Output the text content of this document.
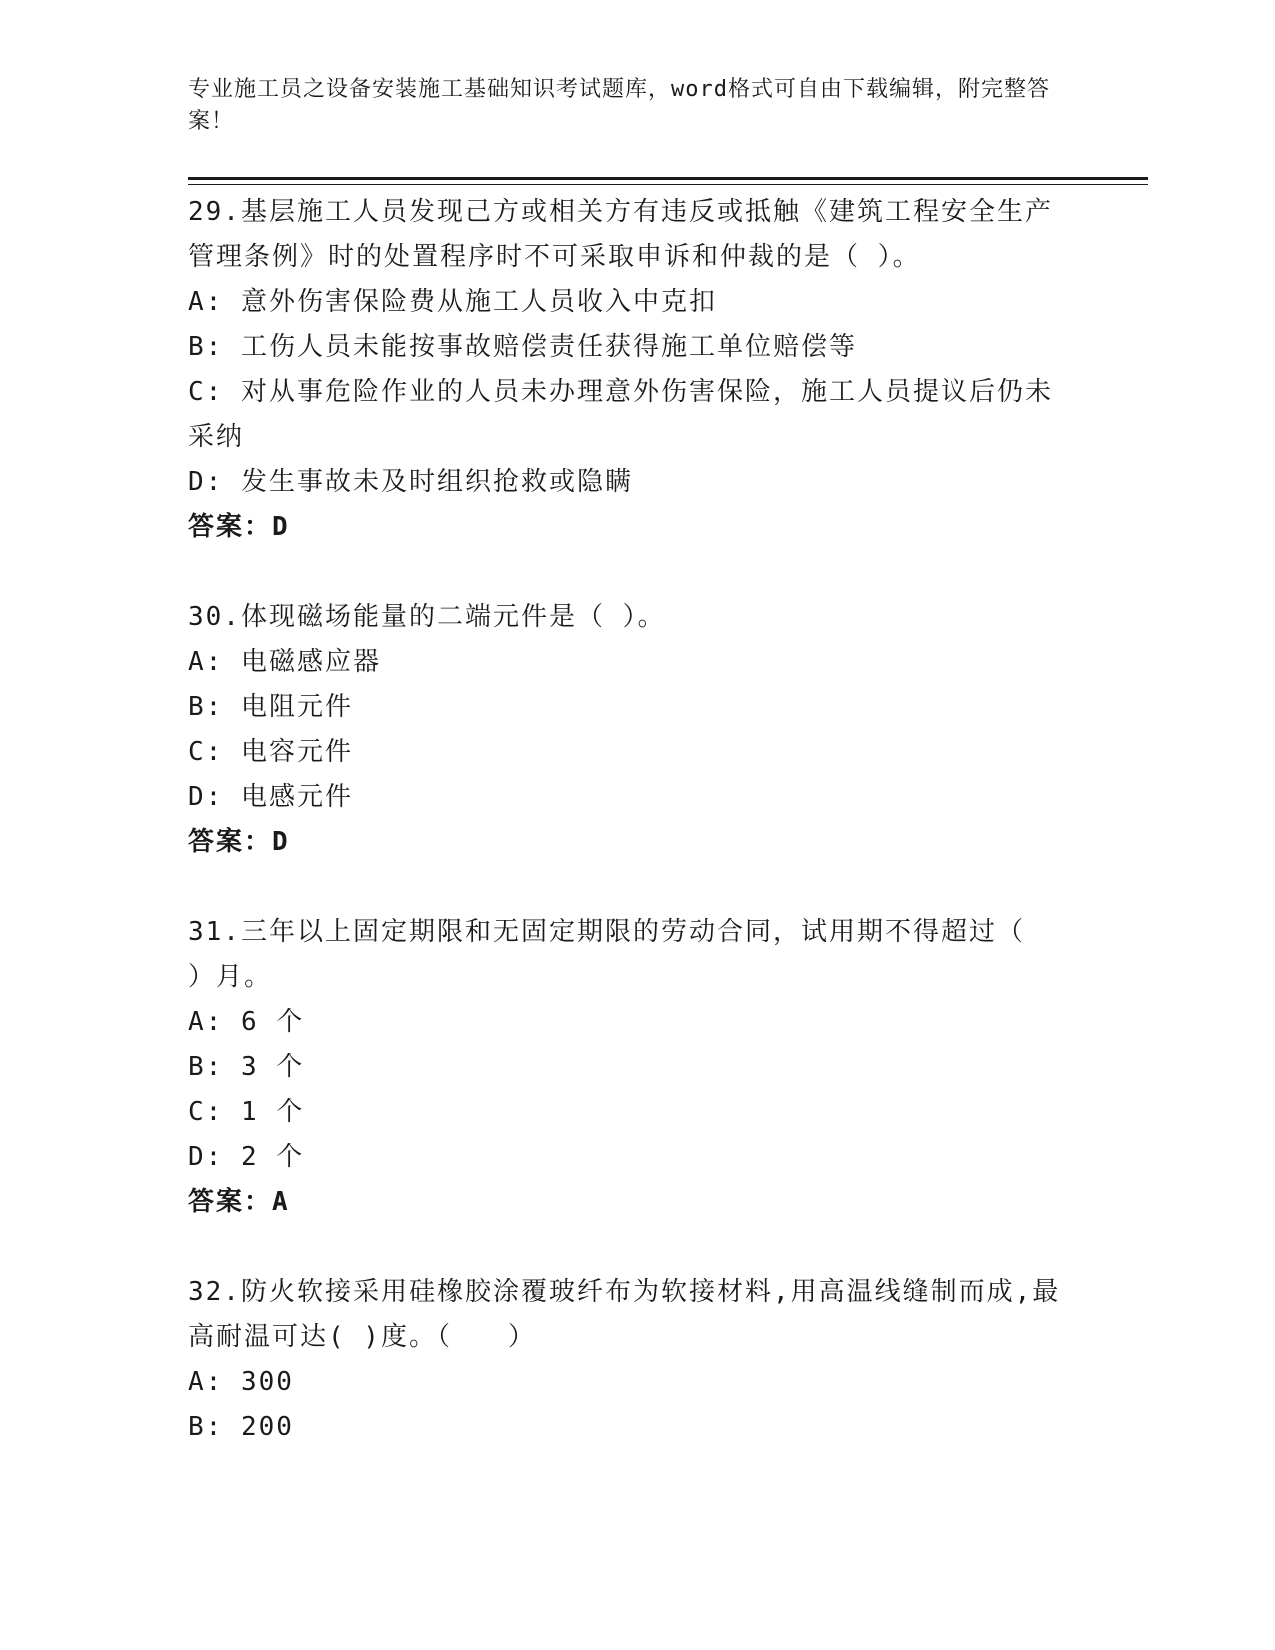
专业施工员之设备安装施工基础知识考试题库，word格式可自由下载编辑，附完整答案！

29.基层施工人员发现己方或相关方有违反或抵触《建筑工程安全生产

管理条例》时的处置程序时不可采取申诉和仲裁的是（ ）。

A: 意外伤害保险费从施工人员收入中克扣

B: 工伤人员未能按事故赔偿责任获得施工单位赔偿等

C: 对从事危险作业的人员未办理意外伤害保险，施工人员提议后仍未

采纳

D: 发生事故未及时组织抢救或隐瞒

答案：D

30.体现磁场能量的二端元件是（ ）。

A: 电磁感应器

B: 电阻元件

C: 电容元件

D: 电感元件

答案：D

31.三年以上固定期限和无固定期限的劳动合同，试用期不得超过（

）月。

A: 6 个

B: 3 个

C: 1 个

D: 2 个

答案：A

32.防火软接采用硅橡胶涂覆玻纤布为软接材料,用高温线缝制而成,最

高耐温可达( )度。（　　）

A: 300

B: 200
